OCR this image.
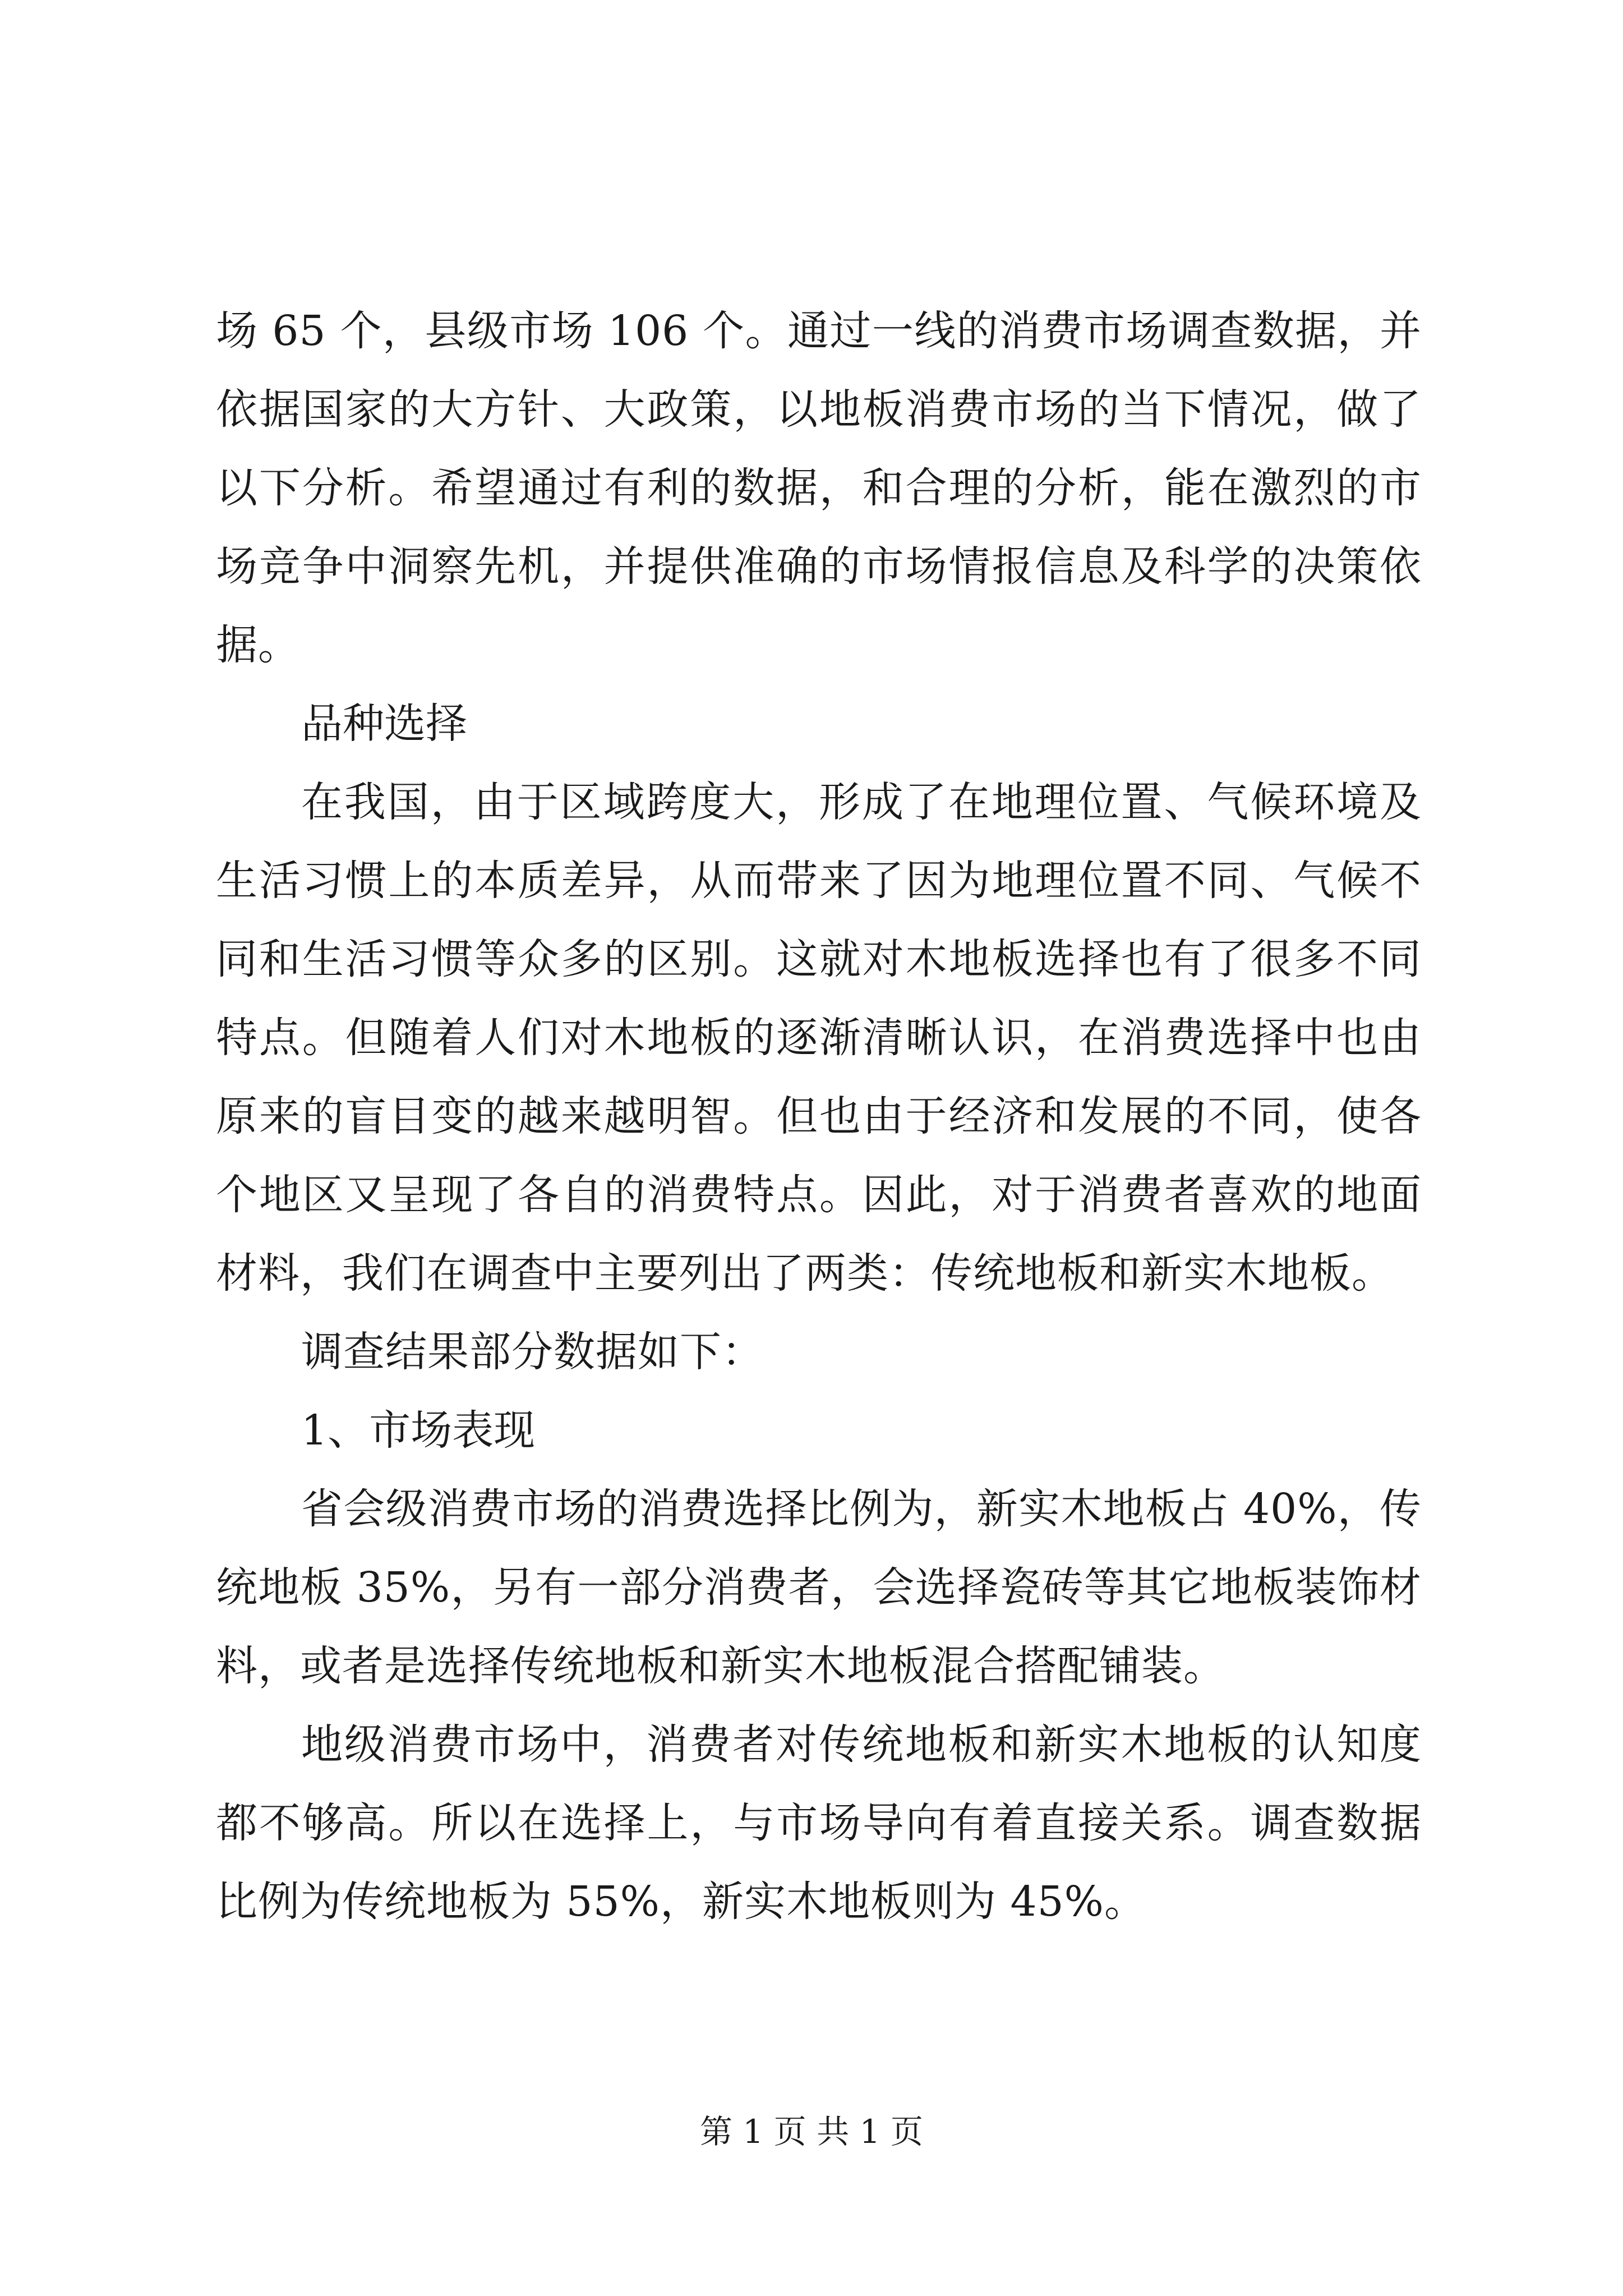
场 65 个，县级市场 106 个。通过一线的消费市场调查数据，并依据国家的大方针、大政策，以地板消费市场的当下情况，做了以下分析。希望通过有利的数据，和合理的分析，能在激烈的市场竞争中洞察先机，并提供准确的市场情报信息及科学的决策依据。

品种选择

在我国，由于区域跨度大，形成了在地理位置、气候环境及生活习惯上的本质差异，从而带来了因为地理位置不同、气候不同和生活习惯等众多的区别。这就对木地板选择也有了很多不同特点。但随着人们对木地板的逐渐清晰认识，在消费选择中也由原来的盲目变的越来越明智。但也由于经济和发展的不同，使各个地区又呈现了各自的消费特点。因此，对于消费者喜欢的地面材料，我们在调查中主要列出了两类：传统地板和新实木地板。

调查结果部分数据如下：

1、市场表现

省会级消费市场的消费选择比例为，新实木地板占 40%，传统地板 35%，另有一部分消费者，会选择瓷砖等其它地板装饰材料，或者是选择传统地板和新实木地板混合搭配铺装。

地级消费市场中，消费者对传统地板和新实木地板的认知度都不够高。所以在选择上，与市场导向有着直接关系。调查数据比例为传统地板为 55%，新实木地板则为 45%。

第 1 页 共 1 页
